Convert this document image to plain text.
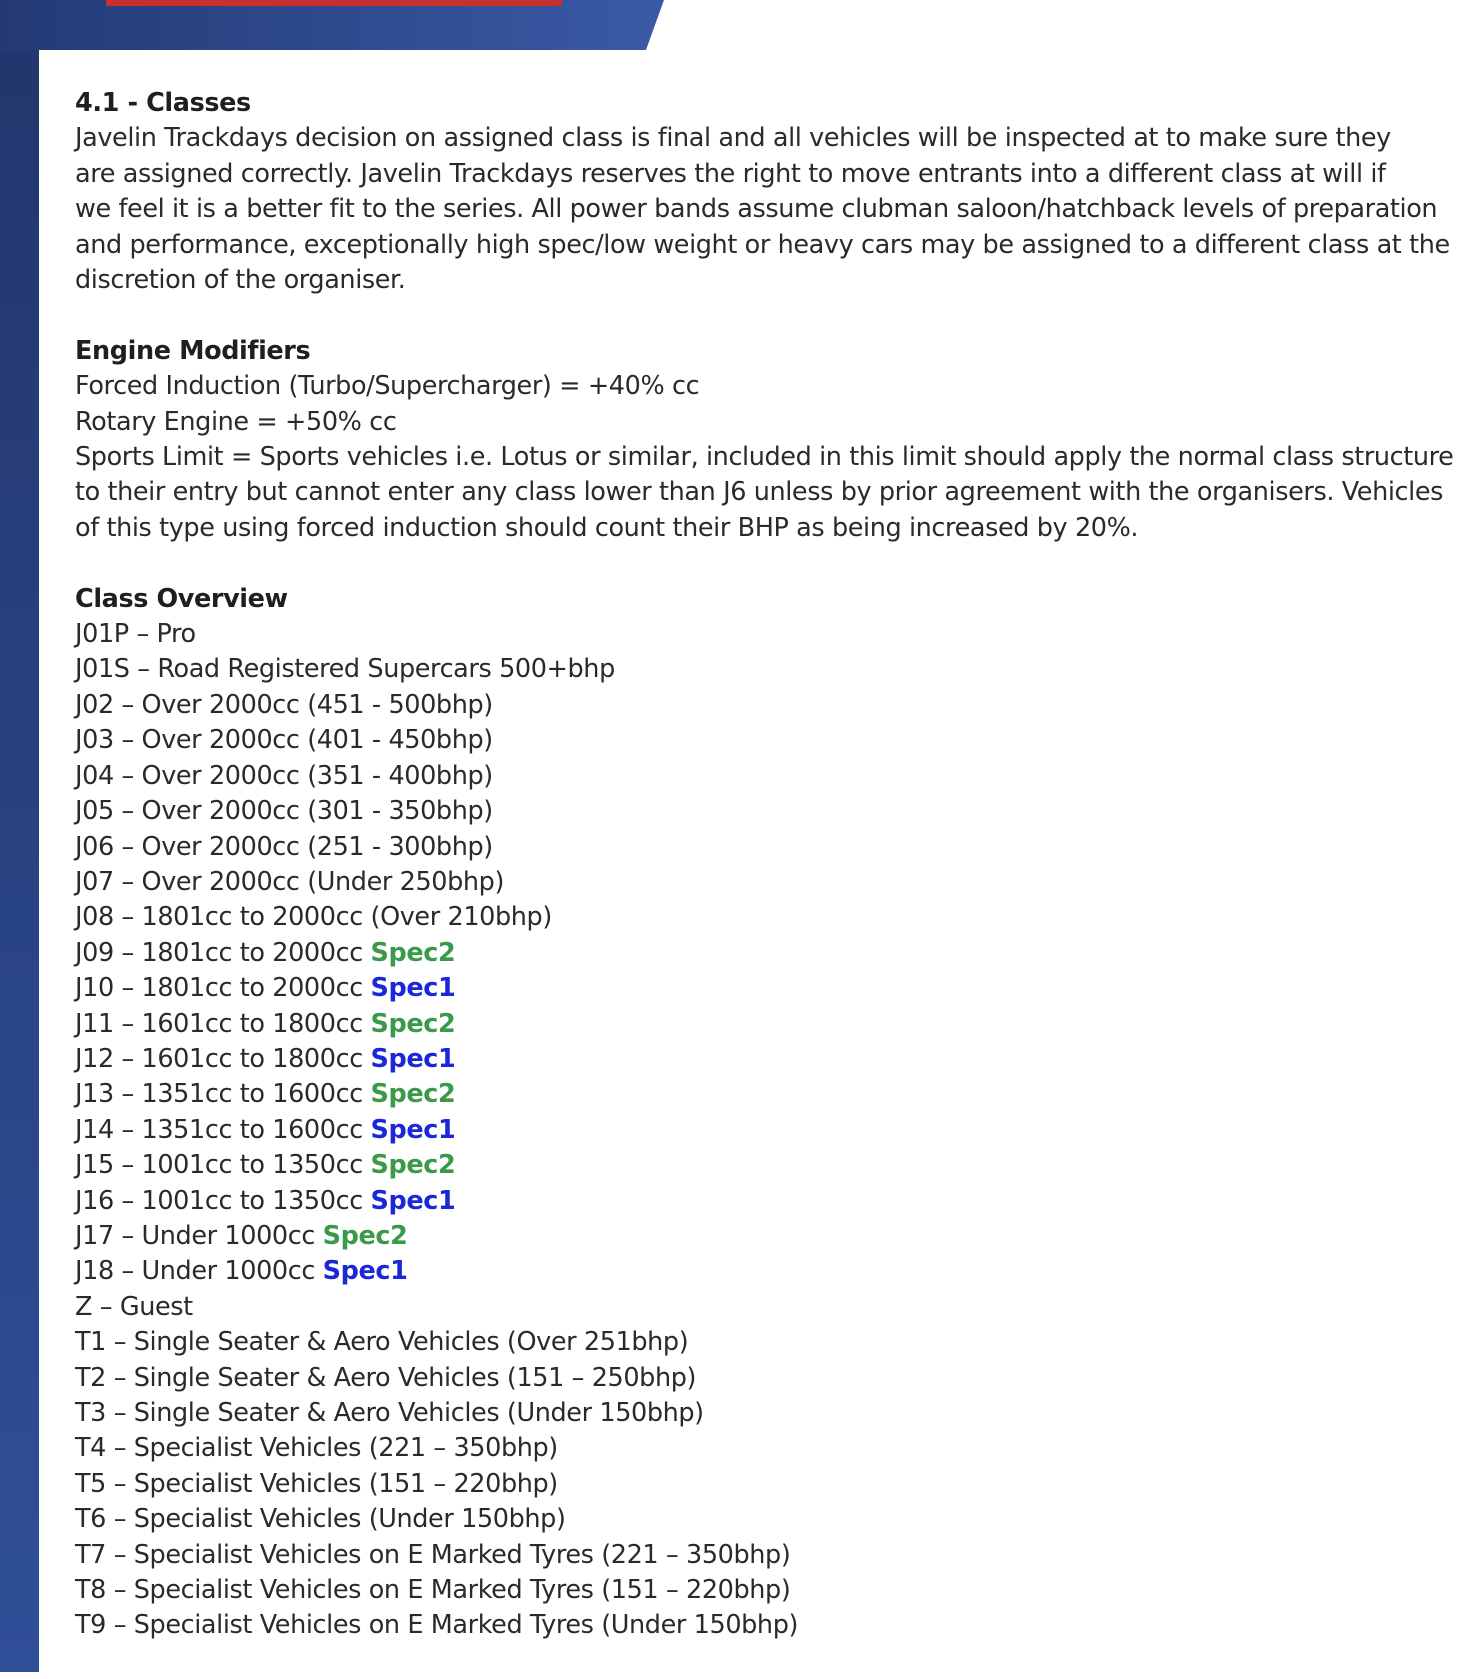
4.1 - Classes

Javelin Trackdays decision on assigned class is final and all vehicles will be inspected at to make sure they
are assigned correctly. Javelin Trackdays reserves the right to move entrants into a different class at will if
we feel it is a better fit to the series. All power bands assume clubman saloon/hatchback levels of preparation
and performance, exceptionally high spec/low weight or heavy cars may be assigned to a different class at the
discretion of the organiser.

Engine Modifiers

Forced Induction (Turbo/Supercharger) = +40% cc
Rotary Engine = +50% cc
Sports Limit = Sports vehicles i.e. Lotus or similar, included in this limit should apply the normal class structure
to their entry but cannot enter any class lower than J6 unless by prior agreement with the organisers. Vehicles
of this type using forced induction should count their BHP as being increased by 20%.

Class Overview
J01P – Pro
J01S – Road Registered Supercars 500+bhp
J02 – Over 2000cc (451 - 500bhp)
J03 – Over 2000cc (401 - 450bhp)
J04 – Over 2000cc (351 - 400bhp)
J05 – Over 2000cc (301 - 350bhp)
J06 – Over 2000cc (251 - 300bhp)
J07 – Over 2000cc (Under 250bhp)
J08 – 1801cc to 2000cc (Over 210bhp)
J09 – 1801cc to 2000cc Spec2
J10 – 1801cc to 2000cc Spec1
J11 – 1601cc to 1800cc Spec2
J12 – 1601cc to 1800cc Spec1
J13 – 1351cc to 1600cc Spec2
J14 – 1351cc to 1600cc Spec1
J15 – 1001cc to 1350cc Spec2
J16 – 1001cc to 1350cc Spec1
J17 – Under 1000cc Spec2
J18 – Under 1000cc Spec1
Z – Guest
T1 – Single Seater & Aero Vehicles (Over 251bhp)
T2 – Single Seater & Aero Vehicles (151 – 250bhp)
T3 – Single Seater & Aero Vehicles (Under 150bhp)
T4 – Specialist Vehicles (221 – 350bhp)
T5 – Specialist Vehicles (151 – 220bhp)
T6 – Specialist Vehicles (Under 150bhp)
T7 – Specialist Vehicles on E Marked Tyres (221 – 350bhp)
T8 – Specialist Vehicles on E Marked Tyres (151 – 220bhp)
T9 – Specialist Vehicles on E Marked Tyres (Under 150bhp)
